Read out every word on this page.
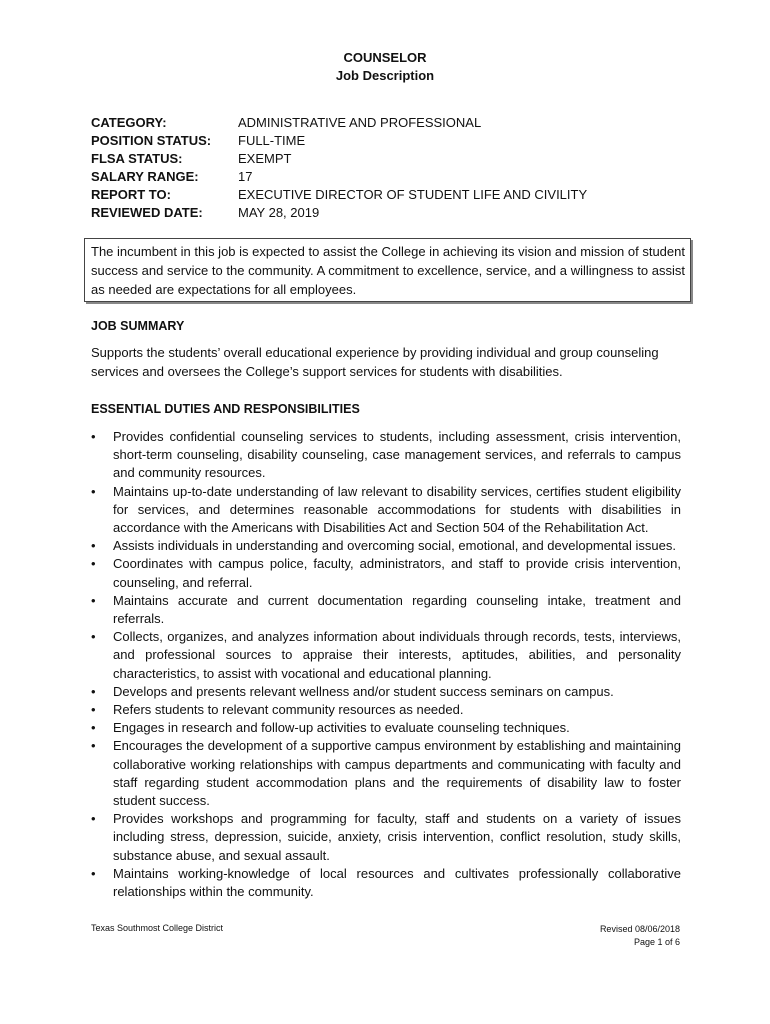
COUNSELOR
Job Description
CATEGORY:	ADMINISTRATIVE AND PROFESSIONAL
POSITION STATUS:	FULL-TIME
FLSA STATUS:	EXEMPT
SALARY RANGE:	17
REPORT TO:	EXECUTIVE DIRECTOR OF STUDENT LIFE AND CIVILITY
REVIEWED DATE:	MAY 28, 2019
The incumbent in this job is expected to assist the College in achieving its vision and mission of student success and service to the community. A commitment to excellence, service, and a willingness to assist as needed are expectations for all employees.
JOB SUMMARY
Supports the students’ overall educational experience by providing individual and group counseling services and oversees the College’s support services for students with disabilities.
ESSENTIAL DUTIES AND RESPONSIBILITIES
•	Provides confidential counseling services to students, including assessment, crisis intervention, short-term counseling, disability counseling, case management services, and referrals to campus and community resources.
•	Maintains up-to-date understanding of law relevant to disability services, certifies student eligibility for services, and determines reasonable accommodations for students with disabilities in accordance with the Americans with Disabilities Act and Section 504 of the Rehabilitation Act.
•	Assists individuals in understanding and overcoming social, emotional, and developmental issues.
•	Coordinates with campus police, faculty, administrators, and staff to provide crisis intervention, counseling, and referral.
•	Maintains accurate and current documentation regarding counseling intake, treatment and referrals.
•	Collects, organizes, and analyzes information about individuals through records, tests, interviews, and professional sources to appraise their interests, aptitudes, abilities, and personality characteristics, to assist with vocational and educational planning.
•	Develops and presents relevant wellness and/or student success seminars on campus.
•	Refers students to relevant community resources as needed.
•	Engages in research and follow-up activities to evaluate counseling techniques.
•	Encourages the development of a supportive campus environment by establishing and maintaining collaborative working relationships with campus departments and communicating with faculty and staff regarding student accommodation plans and the requirements of disability law to foster student success.
•	Provides workshops and programming for faculty, staff and students on a variety of issues including stress, depression, suicide, anxiety, crisis intervention, conflict resolution, study skills, substance abuse, and sexual assault.
•	Maintains working-knowledge of local resources and cultivates professionally collaborative relationships within the community.
Texas Southmost College District	Revised 08/06/2018
Page 1 of 6
